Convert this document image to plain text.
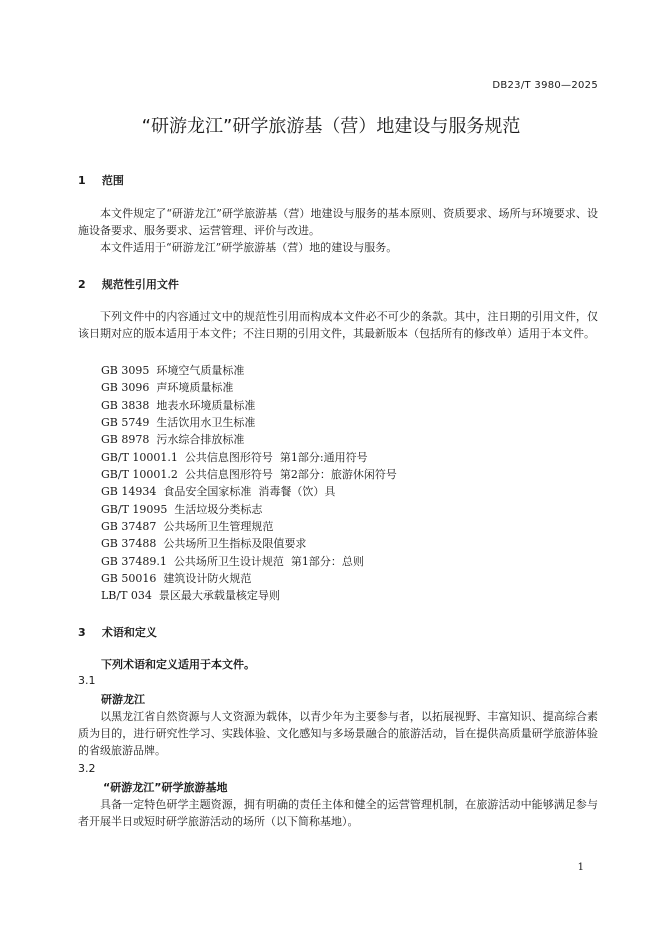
DB23/T 3980—2025
“研游龙江”研学旅游基（营）地建设与服务规范
1 范围

本文件规定了“研游龙江”研学旅游基（营）地建设与服务的基本原则、资质要求、场所与环境要求、设施设备要求、服务要求、运营管理、评价与改进。

本文件适用于“研游龙江”研学旅游基（营）地的建设与服务。

2 规范性引用文件

下列文件中的内容通过文中的规范性引用而构成本文件必不可少的条款。其中，注日期的引用文件，仅该日期对应的版本适用于本文件；不注日期的引用文件，其最新版本（包括所有的修改单）适用于本文件。

GB 3095  环境空气质量标准
GB 3096  声环境质量标准
GB 3838  地表水环境质量标准
GB 5749  生活饮用水卫生标准
GB 8978  污水综合排放标准
GB/T 10001.1  公共信息图形符号  第1部分:通用符号
GB/T 10001.2  公共信息图形符号  第2部分：旅游休闲符号
GB 14934  食品安全国家标准  消毒餐（饮）具
GB/T 19095  生活垃圾分类标志
GB 37487  公共场所卫生管理规范
GB 37488  公共场所卫生指标及限值要求
GB 37489.1  公共场所卫生设计规范  第1部分：总则
GB 50016  建筑设计防火规范
LB/T 034  景区最大承载量核定导则
3 术语和定义
下列术语和定义适用于本文件。
3.1
研游龙江

以黑龙江省自然资源与人文资源为载体，以青少年为主要参与者，以拓展视野、丰富知识、提高综合素质为目的，进行研究性学习、实践体验、文化感知与多场景融合的旅游活动，旨在提供高质量研学旅游体验的省级旅游品牌。

3.2
“研游龙江”研学旅游基地

具备一定特色研学主题资源，拥有明确的责任主体和健全的运营管理机制，在旅游活动中能够满足参与者开展半日或短时研学旅游活动的场所（以下简称基地）。

1
